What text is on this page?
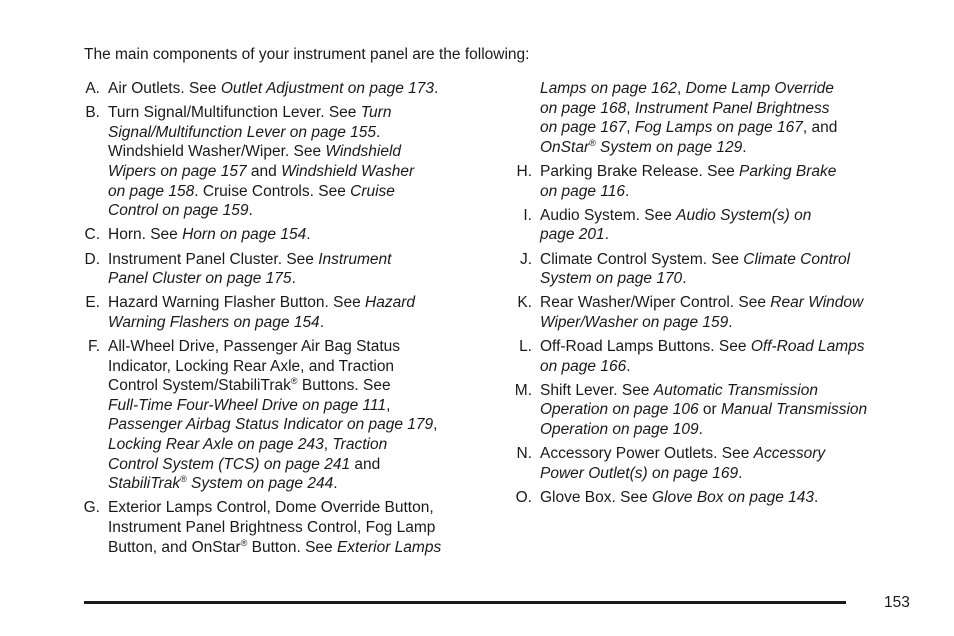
The main components of your instrument panel are the following:
A. Air Outlets. See Outlet Adjustment on page 173.
B. Turn Signal/Multifunction Lever. See Turn
Signal/Multifunction Lever on page 155.
Windshield Washer/Wiper. See Windshield
Wipers on page 157 and Windshield Washer
on page 158. Cruise Controls. See Cruise
Control on page 159.
C. Horn. See Horn on page 154.
D. Instrument Panel Cluster. See Instrument
Panel Cluster on page 175.
E. Hazard Warning Flasher Button. See Hazard
Warning Flashers on page 154.
F. All-Wheel Drive, Passenger Air Bag Status
Indicator, Locking Rear Axle, and Traction
Control System/StabiliTrak® Buttons. See
Full-Time Four-Wheel Drive on page 111,
Passenger Airbag Status Indicator on page 179,
Locking Rear Axle on page 243, Traction
Control System (TCS) on page 241 and
StabiliTrak® System on page 244.
G. Exterior Lamps Control, Dome Override Button,
Instrument Panel Brightness Control, Fog Lamp
Button, and OnStar® Button. See Exterior Lamps
Lamps on page 162, Dome Lamp Override
on page 168, Instrument Panel Brightness
on page 167, Fog Lamps on page 167, and
OnStar® System on page 129.
H. Parking Brake Release. See Parking Brake
on page 116.
I. Audio System. See Audio System(s) on
page 201.
J. Climate Control System. See Climate Control
System on page 170.
K. Rear Washer/Wiper Control. See Rear Window
Wiper/Washer on page 159.
L. Off-Road Lamps Buttons. See Off-Road Lamps
on page 166.
M. Shift Lever. See Automatic Transmission
Operation on page 106 or Manual Transmission
Operation on page 109.
N. Accessory Power Outlets. See Accessory
Power Outlet(s) on page 169.
O. Glove Box. See Glove Box on page 143.
153
